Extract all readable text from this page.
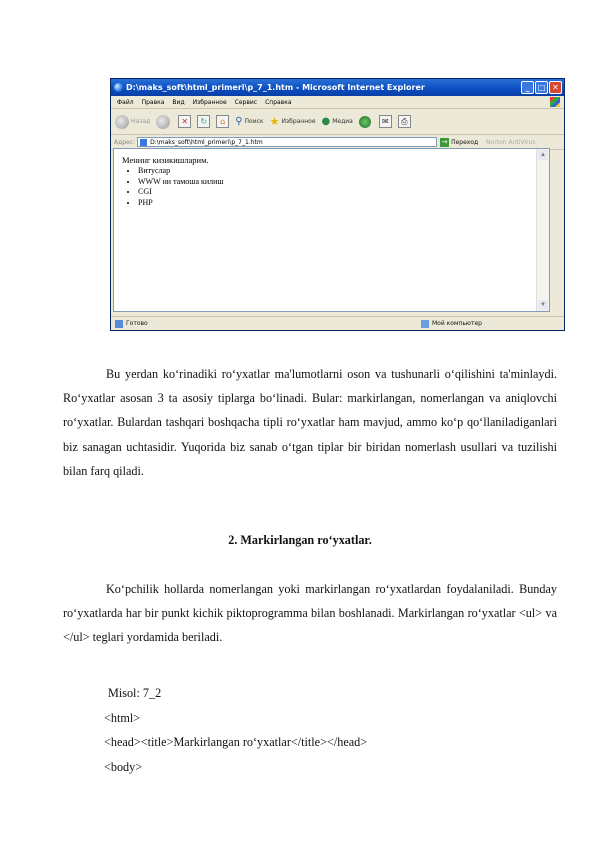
D:\maks_soft\html_primeri\p_7_1.htm - Microsoft Internet Explorer	_	□ ✕
Файл Правка Вид Избранное Сервис Справка
Назад	✕	↻	⌂ ⚲ Поиск ★ Избранное ● Медиа	✉	⎙
Адрес:	D:\maks_soft\html_primeri\p_7_1.htm	→ Переход Norton AntiVirus
Менинг кизикишларим.
• Витуслар
• WWW ни тамоша килиш
• CGI
• PHP
▲
▼
Готово	Мой компьютер

Bu yerdan ko‘rinadiki ro‘yxatlar ma'lumotlarni oson va tushunarli o‘qilishini ta'minlaydi. Ro‘yxatlar asosan 3 ta asosiy tiplarga bo‘linadi. Bular: markirlangan, nomerlangan va aniqlovchi ro‘yxatlar. Bulardan tashqari boshqacha tipli ro‘yxatlar ham mavjud, ammo ko‘p qo‘llaniladiganlari biz sanagan uchtasidir. Yuqorida biz sanab o‘tgan tiplar bir biridan nomerlash usullari va tuzilishi bilan farq qiladi.

2. Markirlangan ro‘yxatlar.

Ko‘pchilik hollarda nomerlangan yoki markirlangan ro‘yxatlardan foydalaniladi. Bunday ro‘yxatlarda har bir punkt kichik piktoprogramma bilan boshlanadi. Markirlangan ro‘yxatlar <ul> va </ul> teglari yordamida beriladi.

Misol: 7_2
<html>
<head><title>Markirlangan ro‘yxatlar</title></head>
<body>
